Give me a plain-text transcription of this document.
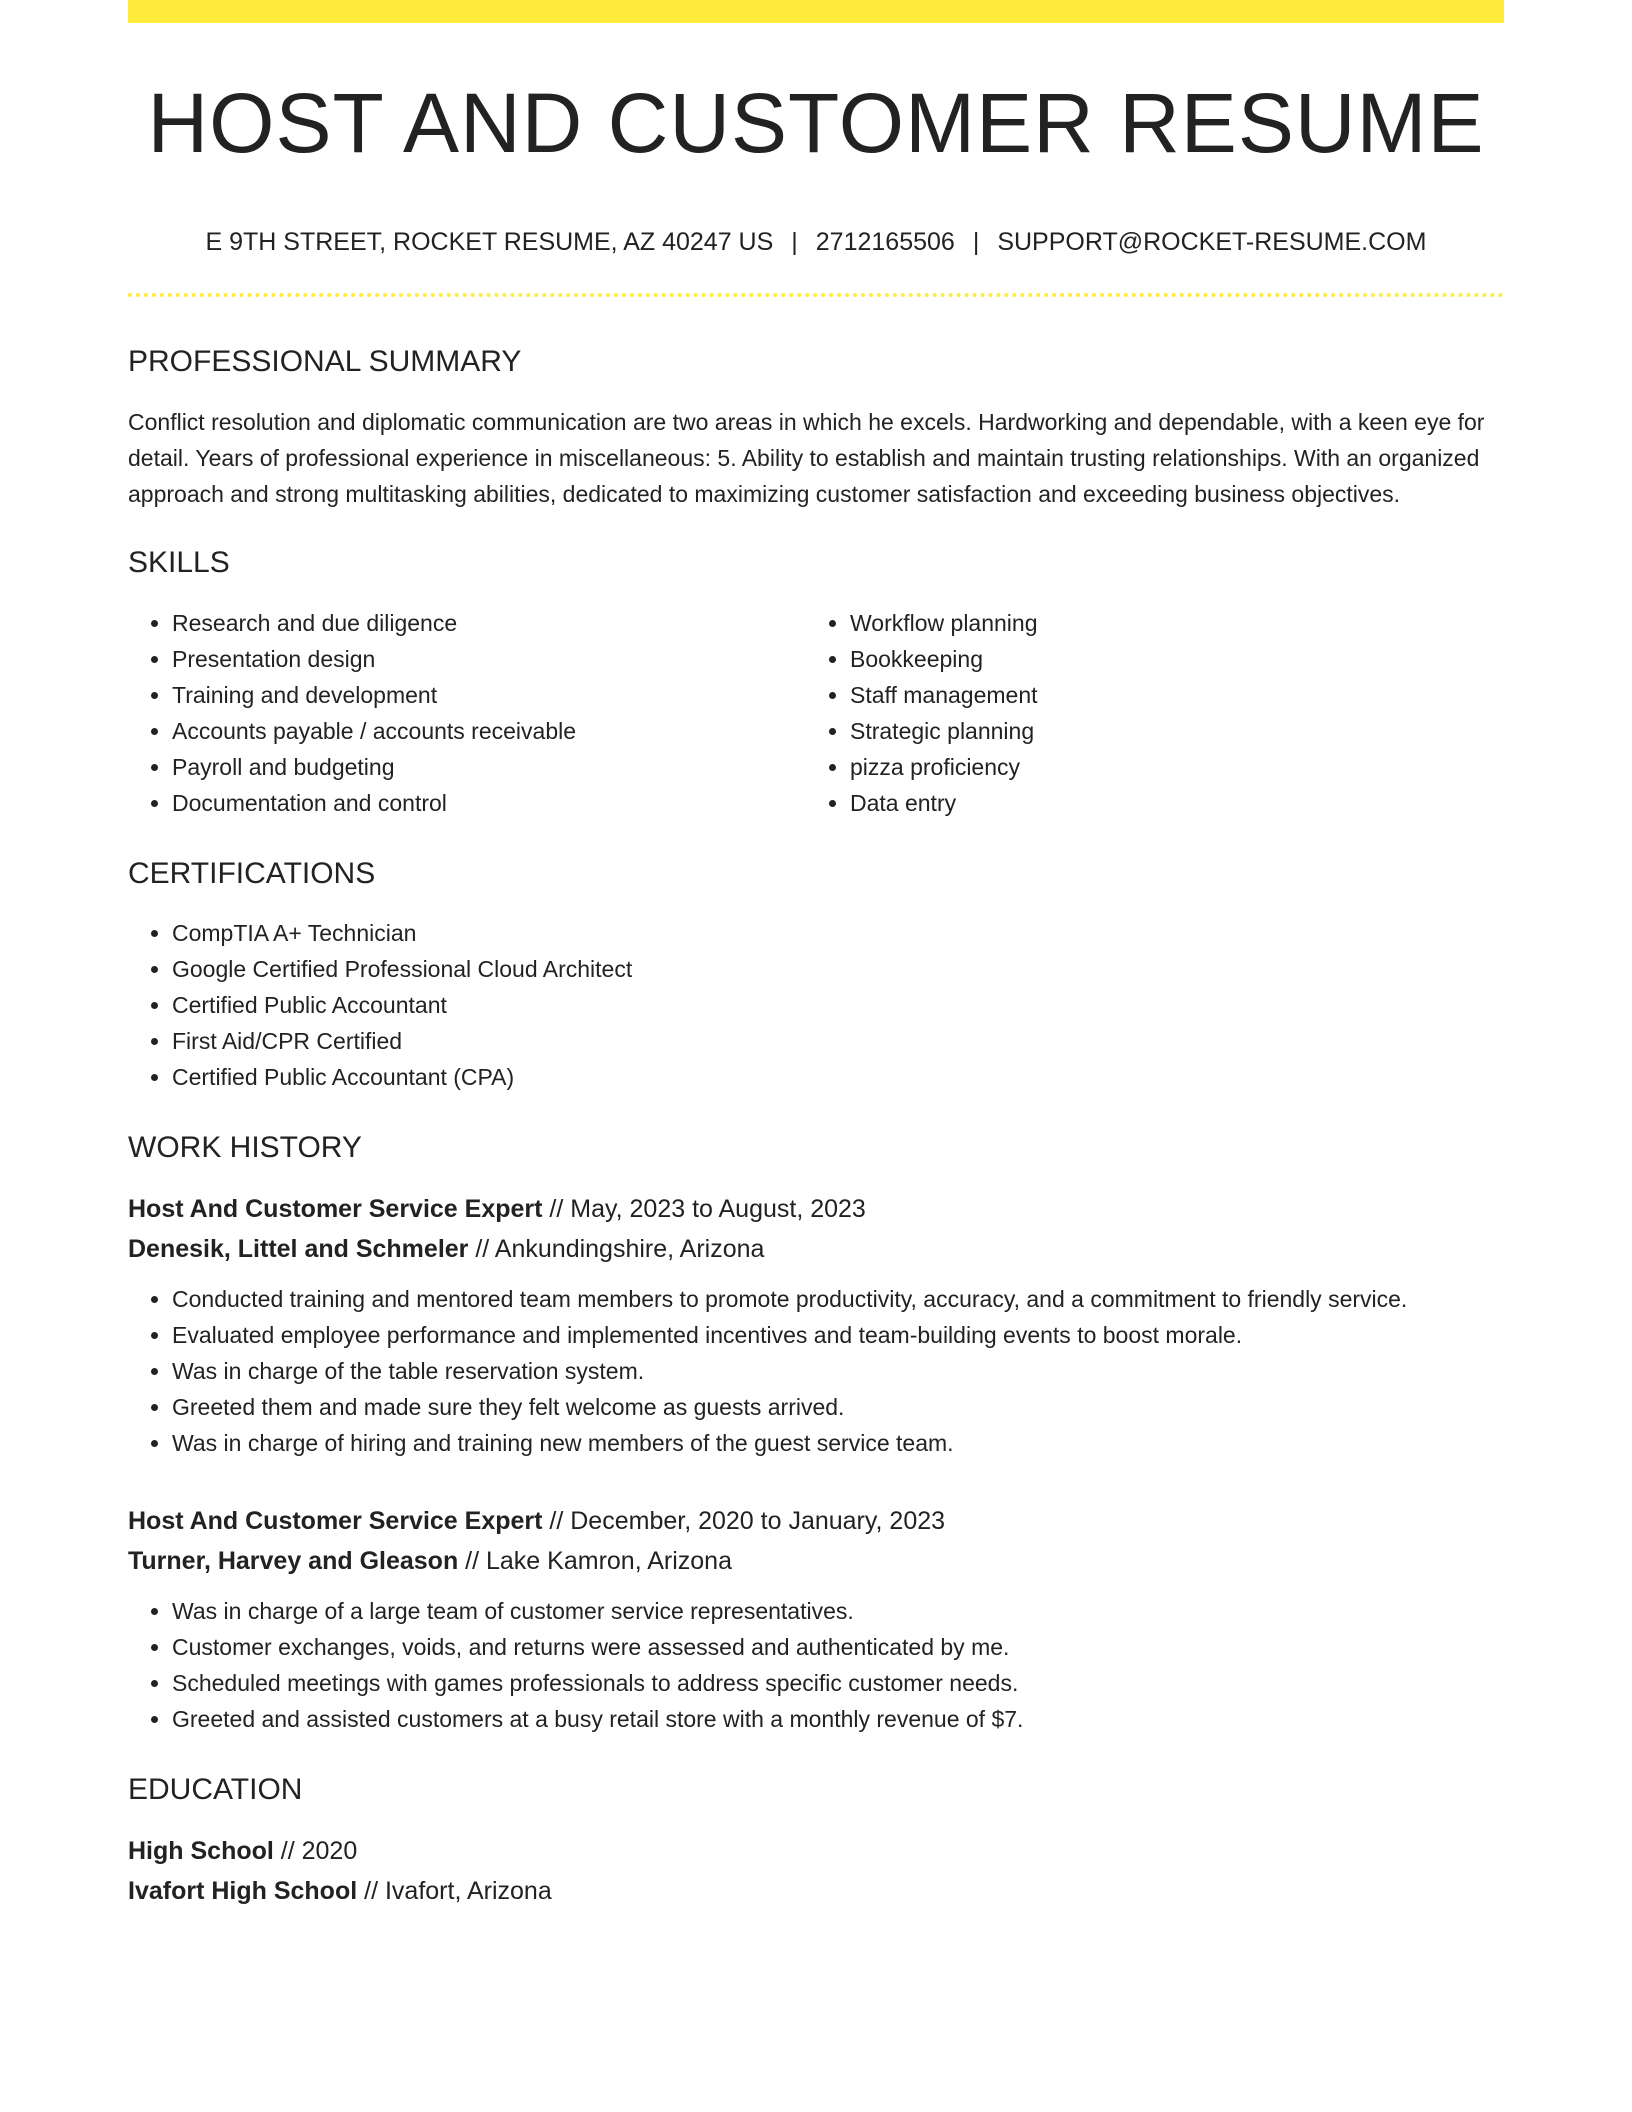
HOST AND CUSTOMER RESUME
E 9TH STREET, ROCKET RESUME, AZ 40247 US | 2712165506 | SUPPORT@ROCKET-RESUME.COM
PROFESSIONAL SUMMARY

Conflict resolution and diplomatic communication are two areas in which he excels. Hardworking and dependable, with a keen eye for detail. Years of professional experience in miscellaneous: 5. Ability to establish and maintain trusting relationships. With an organized approach and strong multitasking abilities, dedicated to maximizing customer satisfaction and exceeding business objectives.

SKILLS
• Research and due diligence
• Presentation design
• Training and development
• Accounts payable / accounts receivable
• Payroll and budgeting
• Documentation and control
• Workflow planning
• Bookkeeping
• Staff management
• Strategic planning
• pizza proficiency
• Data entry
CERTIFICATIONS
• CompTIA A+ Technician
• Google Certified Professional Cloud Architect
• Certified Public Accountant
• First Aid/CPR Certified
• Certified Public Accountant (CPA)
WORK HISTORY
Host And Customer Service Expert // May, 2023 to August, 2023
Denesik, Littel and Schmeler // Ankundingshire, Arizona
• Conducted training and mentored team members to promote productivity, accuracy, and a commitment to friendly service.
• Evaluated employee performance and implemented incentives and team-building events to boost morale.
• Was in charge of the table reservation system.
• Greeted them and made sure they felt welcome as guests arrived.
• Was in charge of hiring and training new members of the guest service team.
Host And Customer Service Expert // December, 2020 to January, 2023
Turner, Harvey and Gleason // Lake Kamron, Arizona
• Was in charge of a large team of customer service representatives.
• Customer exchanges, voids, and returns were assessed and authenticated by me.
• Scheduled meetings with games professionals to address specific customer needs.
• Greeted and assisted customers at a busy retail store with a monthly revenue of $7.
EDUCATION
High School // 2020
Ivafort High School // Ivafort, Arizona
